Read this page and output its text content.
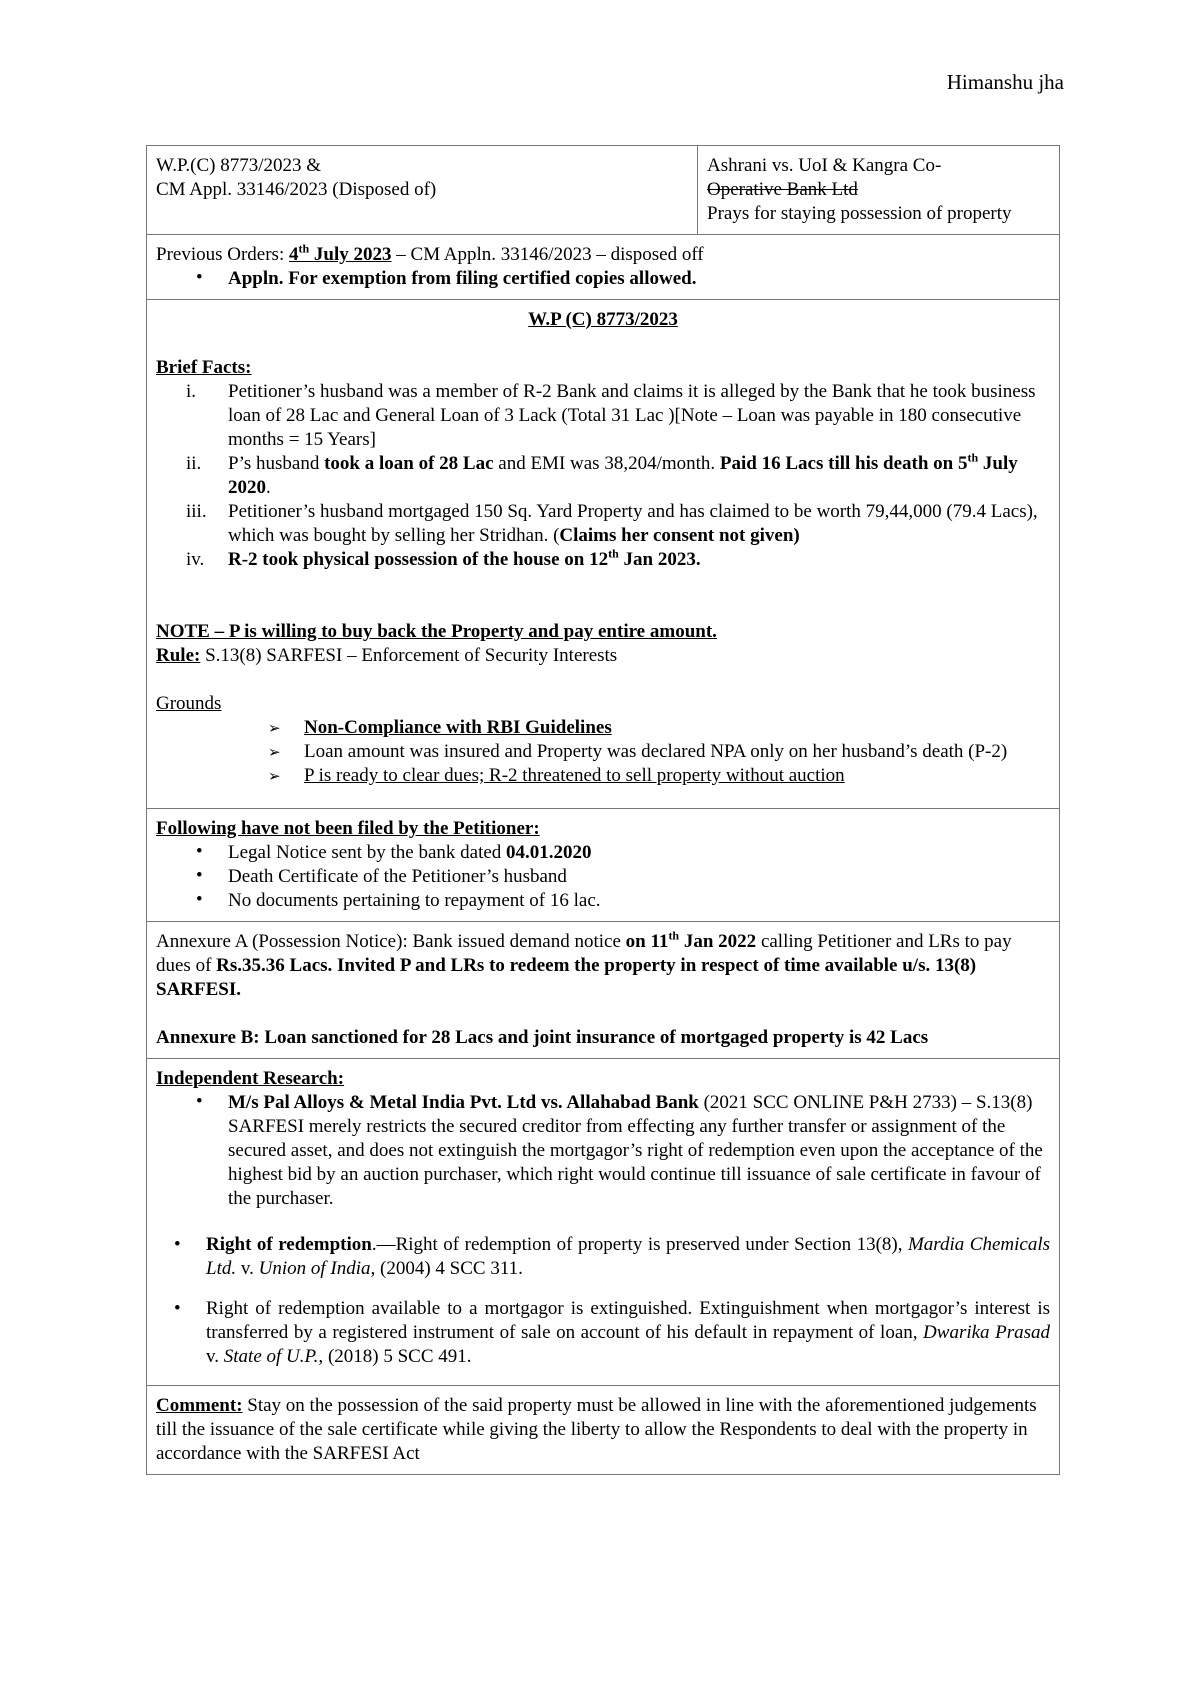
Himanshu jha
W.P.(C) 8773/2023 &
CM Appl. 33146/2023 (Disposed of)

Ashrani vs. UoI & Kangra Co-
Operative Bank Ltd
Prays for staying possession of property

Previous Orders: 4th July 2023 – CM Appln. 33146/2023 – disposed off
• Appln. For exemption from filing certified copies allowed.

W.P (C) 8773/2023
Brief Facts:
i. Petitioner’s husband was a member of R-2 Bank and claims it is alleged by the Bank that he took business loan of 28 Lac and General Loan of 3 Lack (Total 31 Lac )[Note – Loan was payable in 180 consecutive months = 15 Years]
ii. P’s husband took a loan of 28 Lac and EMI was 38,204/month. Paid 16 Lacs till his death on 5th July 2020.
iii. Petitioner’s husband mortgaged 150 Sq. Yard Property and has claimed to be worth 79,44,000 (79.4 Lacs), which was bought by selling her Stridhan. (Claims her consent not given)
iv. R-2 took physical possession of the house on 12th Jan 2023.
NOTE – P is willing to buy back the Property and pay entire amount.
Rule: S.13(8) SARFESI – Enforcement of Security Interests
Grounds
➢ Non-Compliance with RBI Guidelines
➢ Loan amount was insured and Property was declared NPA only on her husband’s death (P-2)
➢ P is ready to clear dues; R-2 threatened to sell property without auction

Following have not been filed by the Petitioner:
• Legal Notice sent by the bank dated 04.01.2020
• Death Certificate of the Petitioner’s husband
• No documents pertaining to repayment of 16 lac.

Annexure A (Possession Notice): Bank issued demand notice on 11th Jan 2022 calling Petitioner and LRs to pay dues of Rs.35.36 Lacs. Invited P and LRs to redeem the property in respect of time available u/s. 13(8) SARFESI.
Annexure B: Loan sanctioned for 28 Lacs and joint insurance of mortgaged property is 42 Lacs

Independent Research:
• M/s Pal Alloys & Metal India Pvt. Ltd vs. Allahabad Bank (2021 SCC ONLINE P&H 2733) – S.13(8) SARFESI merely restricts the secured creditor from effecting any further transfer or assignment of the secured asset, and does not extinguish the mortgagor’s right of redemption even upon the acceptance of the highest bid by an auction purchaser, which right would continue till issuance of sale certificate in favour of the purchaser.
• Right of redemption.—Right of redemption of property is preserved under Section 13(8), Mardia Chemicals Ltd. v. Union of India, (2004) 4 SCC 311.
• Right of redemption available to a mortgagor is extinguished. Extinguishment when mortgagor’s interest is transferred by a registered instrument of sale on account of his default in repayment of loan, Dwarika Prasad v. State of U.P., (2018) 5 SCC 491.

Comment: Stay on the possession of the said property must be allowed in line with the aforementioned judgements till the issuance of the sale certificate while giving the liberty to allow the Respondents to deal with the property in accordance with the SARFESI Act
